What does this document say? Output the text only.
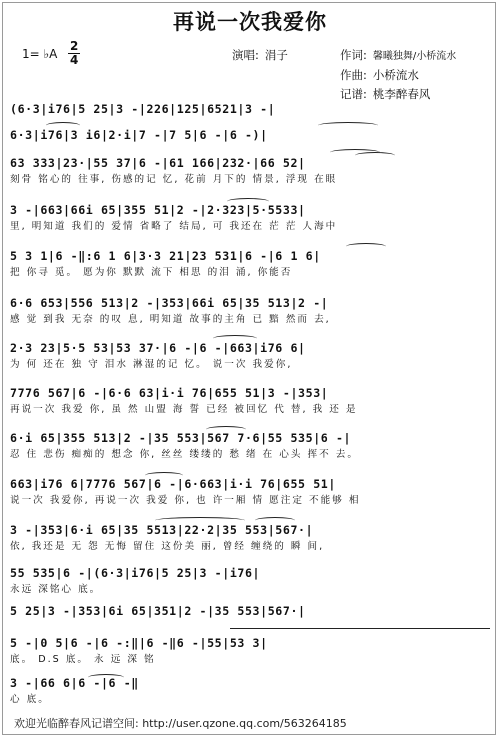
再说一次我爱你
1= ♭A
2
4	演唱: 涓子	作词: 馨曦独舞/小桥流水
作曲: 小桥流水
记谱: 桃李醉春风
(6·3|i76|5 25|3 -|226|125|6521|3 -|
6·3|i76|3 i6|2·i|7 -|7 5|6 -|6 -)|
63 333|23·|55 37|6 -|61 166|232·|66 52|
刻骨 铭心的 往事, 伤感的记 忆, 花前 月下的 情景, 浮现 在眼
3 -|663|66i 65|355 51|2 -|2·323|5·5533|
里, 明知道 我们的 爱情 省略了 结局, 可 我还在 茫 茫 人海中
5 3 1|6 -‖:6 1 6|3·3 21|23 531|6 -|6 1 6|
把 你寻 觅。 愿为你 默默 流下 相思 的泪 涌, 你能否
6·6 653|556 513|2 -|353|66i 65|35 513|2 -|
感 觉 到我 无奈 的叹 息, 明知道 故事的主角 已 黯 然而 去,
2·3 23|5·5 53|53 37·|6 -|6 -|663|i76 6|
为 何 还在 独 守 泪水 淋湿的记 忆。 说一次 我爱你,
7776 567|6 -|6·6 63|i·i 76|655 51|3 -|353|
再说一次 我爱 你, 虽 然 山盟 海 誓 已经 被回忆 代 替, 我 还 是
6·i 65|355 513|2 -|35 553|567 7·6|55 535|6 -|
忍 住 悲伤 痴痴的 想念 你, 丝丝 缕缕的 愁 绪 在 心头 挥不 去。
663|i76 6|7776 567|6 -|6·663|i·i 76|655 51|
说一次 我爱你, 再说一次 我爱 你, 也 许一厢 情 愿注定 不能够 相
3 -|353|6·i 65|35 5513|22·2|35 553|567·|
依, 我还是 无 怨 无悔 留住 这份美 丽, 曾经 缠绕的 瞬 间,
55 535|6 -|(6·3|i76|5 25|3 -|i76|
永远 深铭心 底。
5 25|3 -|353|6i 65|351|2 -|35 553|567·|
5 -|0 5|6 -|6 -:‖|6 -‖6 -|55|53 3|
底。 D.S 底。 永 远 深 铭
3 -|66 6|6 -|6 -‖
心 底。
欢迎光临醉春风记谱空间: http://user.qzone.qq.com/563264185
